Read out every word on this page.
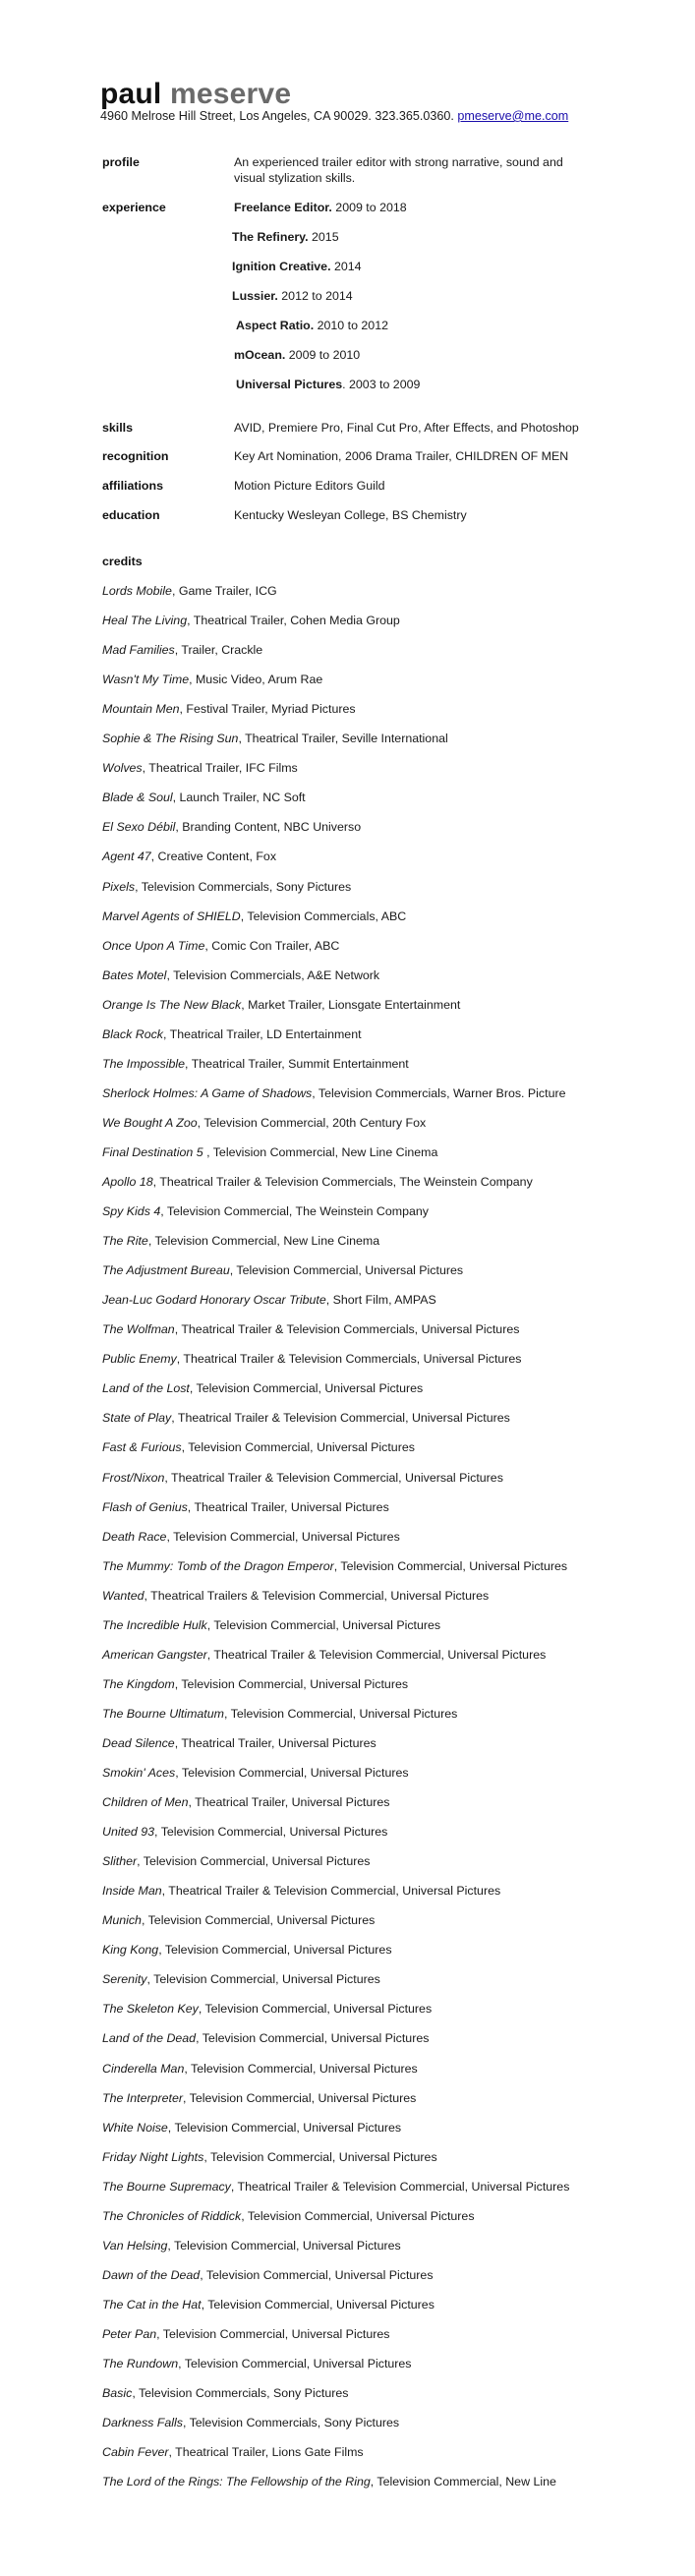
paul meserve
4960 Melrose Hill Street, Los Angeles, CA 90029. 323.365.0360. pmeserve@me.com
profile	An experienced trailer editor with strong narrative, sound and visual stylization skills.
experience	Freelance Editor. 2009 to 2018
The Refinery. 2015
Ignition Creative. 2014
Lussier. 2012 to 2014
Aspect Ratio. 2010 to 2012
mOcean. 2009 to 2010
Universal Pictures. 2003 to 2009
skills	AVID, Premiere Pro, Final Cut Pro, After Effects, and Photoshop
recognition	Key Art Nomination, 2006 Drama Trailer, CHILDREN OF MEN
affiliations	Motion Picture Editors Guild
education	Kentucky Wesleyan College, BS Chemistry
credits
Lords Mobile, Game Trailer, ICG
Heal The Living, Theatrical Trailer, Cohen Media Group
Mad Families, Trailer, Crackle
Wasn't My Time, Music Video, Arum Rae
Mountain Men, Festival Trailer, Myriad Pictures
Sophie & The Rising Sun, Theatrical Trailer, Seville International
Wolves, Theatrical Trailer, IFC Films
Blade & Soul, Launch Trailer, NC Soft
El Sexo Débil, Branding Content, NBC Universo
Agent 47, Creative Content, Fox
Pixels, Television Commercials, Sony Pictures
Marvel Agents of SHIELD, Television Commercials, ABC
Once Upon A Time, Comic Con Trailer, ABC
Bates Motel, Television Commercials, A&E Network
Orange Is The New Black, Market Trailer, Lionsgate Entertainment
Black Rock, Theatrical Trailer, LD Entertainment
The Impossible, Theatrical Trailer, Summit Entertainment
Sherlock Holmes: A Game of Shadows, Television Commercials, Warner Bros. Picture
We Bought A Zoo, Television Commercial, 20th Century Fox
Final Destination 5 , Television Commercial, New Line Cinema
Apollo 18, Theatrical Trailer & Television Commercials, The Weinstein Company
Spy Kids 4, Television Commercial, The Weinstein Company
The Rite, Television Commercial, New Line Cinema
The Adjustment Bureau, Television Commercial, Universal Pictures
Jean-Luc Godard Honorary Oscar Tribute, Short Film, AMPAS
The Wolfman, Theatrical Trailer & Television Commercials, Universal Pictures
Public Enemy, Theatrical Trailer & Television Commercials, Universal Pictures
Land of the Lost, Television Commercial, Universal Pictures
State of Play, Theatrical Trailer & Television Commercial, Universal Pictures
Fast & Furious, Television Commercial, Universal Pictures
Frost/Nixon, Theatrical Trailer & Television Commercial, Universal Pictures
Flash of Genius, Theatrical Trailer, Universal Pictures
Death Race, Television Commercial, Universal Pictures
The Mummy: Tomb of the Dragon Emperor, Television Commercial, Universal Pictures
Wanted, Theatrical Trailers & Television Commercial, Universal Pictures
The Incredible Hulk, Television Commercial, Universal Pictures
American Gangster, Theatrical Trailer & Television Commercial, Universal Pictures
The Kingdom, Television Commercial, Universal Pictures
The Bourne Ultimatum, Television Commercial, Universal Pictures
Dead Silence, Theatrical Trailer, Universal Pictures
Smokin' Aces, Television Commercial, Universal Pictures
Children of Men, Theatrical Trailer, Universal Pictures
United 93, Television Commercial, Universal Pictures
Slither, Television Commercial, Universal Pictures
Inside Man, Theatrical Trailer & Television Commercial, Universal Pictures
Munich, Television Commercial, Universal Pictures
King Kong, Television Commercial, Universal Pictures
Serenity, Television Commercial, Universal Pictures
The Skeleton Key, Television Commercial, Universal Pictures
Land of the Dead, Television Commercial, Universal Pictures
Cinderella Man, Television Commercial, Universal Pictures
The Interpreter, Television Commercial, Universal Pictures
White Noise, Television Commercial, Universal Pictures
Friday Night Lights, Television Commercial, Universal Pictures
The Bourne Supremacy, Theatrical Trailer & Television Commercial, Universal Pictures
The Chronicles of Riddick, Television Commercial, Universal Pictures
Van Helsing, Television Commercial, Universal Pictures
Dawn of the Dead, Television Commercial, Universal Pictures
The Cat in the Hat, Television Commercial, Universal Pictures
Peter Pan, Television Commercial, Universal Pictures
The Rundown, Television Commercial, Universal Pictures
Basic, Television Commercials, Sony Pictures
Darkness Falls, Television Commercials, Sony Pictures
Cabin Fever, Theatrical Trailer, Lions Gate Films
The Lord of the Rings: The Fellowship of the Ring, Television Commercial, New Line
